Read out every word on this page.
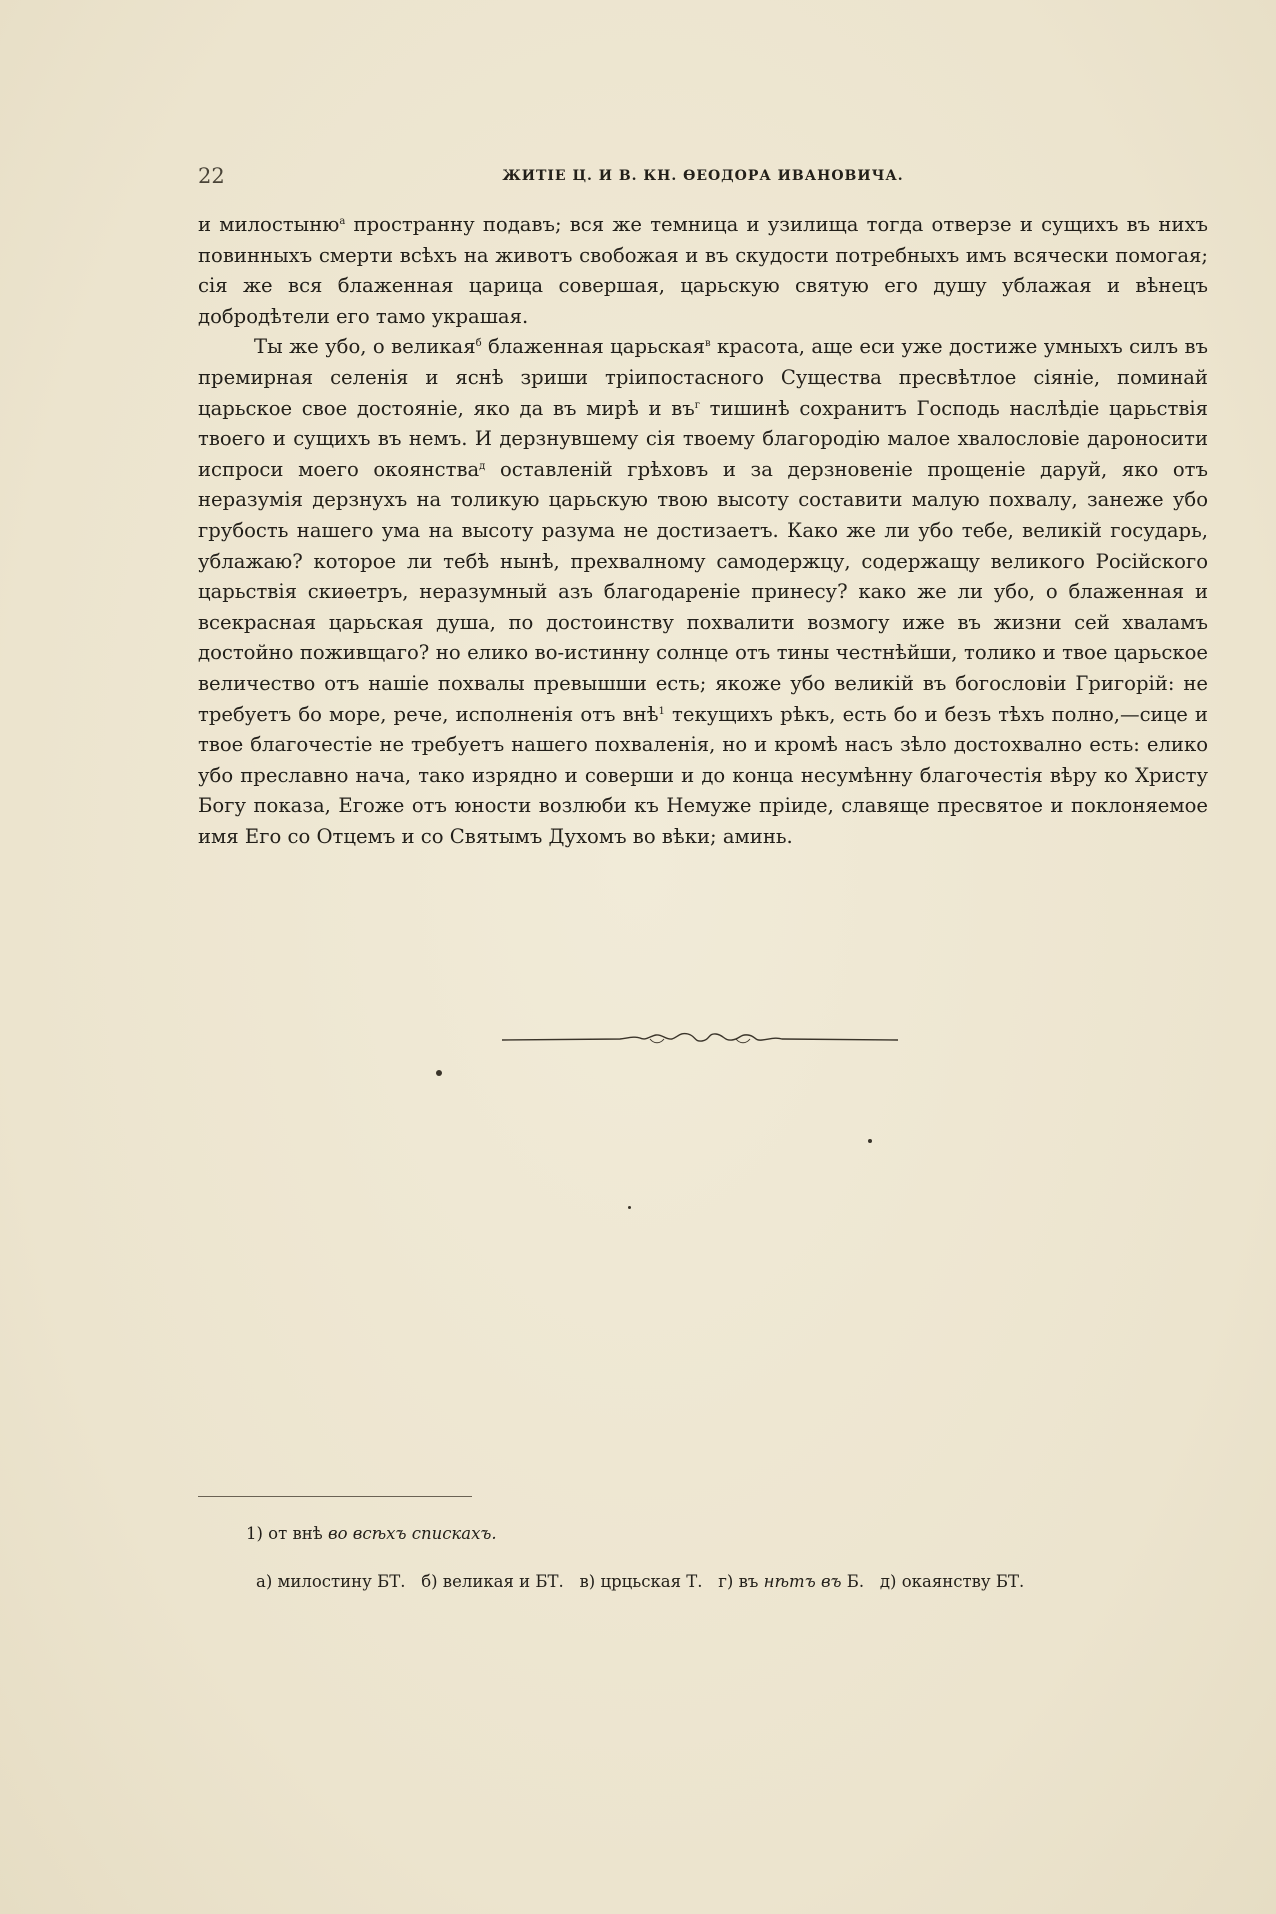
22	ЖИТІЕ Ц. И В. КН. ѲЕОДОРА ИВАНОВИЧА.

и милостыню$^а$ пространну подавъ; вся же темница и узилища тогда отверзе и сущихъ въ нихъ повинныхъ смерти всѣхъ на животъ свобожая и въ скудости потребныхъ имъ всячески помогая; сія же вся блаженная царица совершая, царьскую святую его душу ублажая и вѣнецъ добродѣтели его тамо украшая.

Ты же убо, о великая$^б$ блаженная царьская$^в$ красота, аще еси уже достиже умныхъ силъ въ премирная селенія и яснѣ зриши тріипостасного Существа пресвѣтлое сіяніе, поминай царьское свое достояніе, яко да въ мирѣ и $въ^г$ тишинѣ сохранитъ Господь наслѣдіе царьствія твоего и сущихъ въ немъ. И дерзнувшему сія твоему благородію малое хвалословіе дароносити испроси моего окоянства$^д$ оставленій грѣховъ и за дерзновеніе прощеніе даруй, яко отъ неразумія дерзнухъ на толикую царьскую твою высоту составити малую похвалу, занеже убо грубость нашего ума на высоту разума не достизаетъ. Како же ли убо тебе, великій государь, ублажаю? которое ли тебѣ нынѣ, прехвалному самодержцу, содержащу великого Російского царьствія скиѳетръ, неразумный азъ благодареніе принесу? како же ли убо, о блаженная и всекрасная царьская душа, по достоинству похвалити возмогу иже въ жизни сей хваламъ достойно поживщаго? но елико во-истинну солнце отъ тины честнѣйши, толико и твое царьское величество отъ нашіе похвалы превышши есть; якоже убо великій въ богословіи Григорій: не требуетъ бо море, рече, исполненія отъ внѣ$^1$ текущихъ рѣкъ, есть бо и безъ тѣхъ полно,—сице и твое благочестіе не требуетъ нашего похваленія, но и кромѣ насъ зѣло достохвално есть: елико убо преславно нача, тако изрядно и соверши и до конца несумѣнну благочестія вѣру ко Христу Богу показа, Егоже отъ юности возлюби къ Немуже пріиде, славяще пресвятое и поклоняемое имя Его со Отцемъ и со Святымъ Духомъ во вѣки; аминь.

1) от внѣ во всѣхъ спискахъ.
а) милостину БТ.   б) великая и БТ.   в) црцьская Т.   г) въ нѣтъ въ Б.   д) окаянству БТ.
